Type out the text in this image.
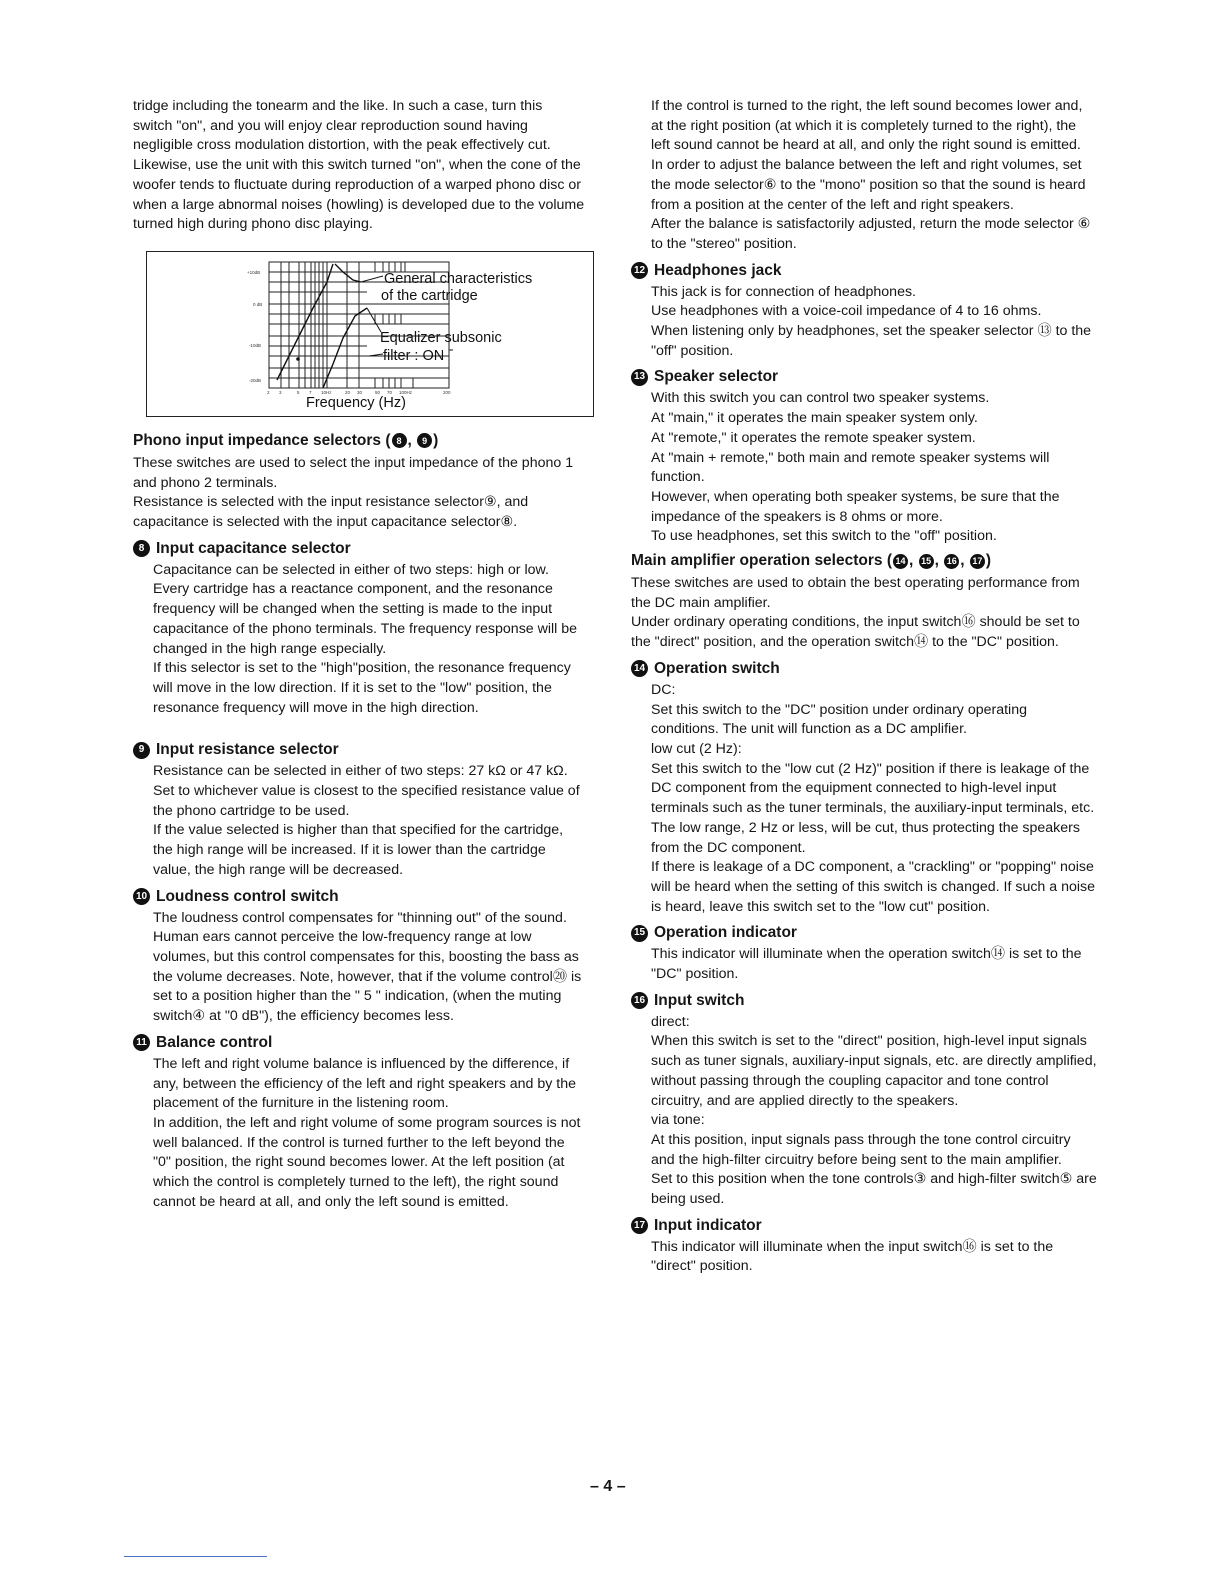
tridge including the tonearm and the like. In such a case, turn this switch "on", and you will enjoy clear reproduction sound having negligible cross modulation distortion, with the peak effectively cut.

Likewise, use the unit with this switch turned "on", when the cone of the woofer tends to fluctuate during reproduction of a warped phono disc or when a large abnormal noises (howling) is developed due to the volume turned high during phono disc playing.

General characteristics
of the cartridge
Equalizer subsonic
filter : ON
Frequency (Hz)
+10dB
0 dB
-10dB
-20dB
2 3	5 7 10Hz	20 30	50 70 100Hz	200
Phono input impedance selectors ( 8 , 9 )

These switches are used to select the input impedance of the phono 1 and phono 2 terminals.

Resistance is selected with the input resistance selector⑨, and capacitance is selected with the input capacitance selector⑧.

8 Input capacitance selector

Capacitance can be selected in either of two steps: high or low.

Every cartridge has a reactance component, and the resonance frequency will be changed when the setting is made to the input capacitance of the phono terminals. The frequency response will be changed in the high range especially.

If this selector is set to the "high"position, the resonance frequency will move in the low direction. If it is set to the "low" position, the resonance frequency will move in the high direction.

9 Input resistance selector

Resistance can be selected in either of two steps: 27 kΩ or 47 kΩ.

Set to whichever value is closest to the specified resistance value of the phono cartridge to be used.

If the value selected is higher than that specified for the cartridge, the high range will be increased. If it is lower than the cartridge value, the high range will be decreased.

10 Loudness control switch

The loudness control compensates for "thinning out" of the sound. Human ears cannot perceive the low-frequency range at low volumes, but this control compensates for this, boosting the bass as the volume decreases. Note, however, that if the volume control⑳ is set to a position higher than the " 5 " indication, (when the muting switch④ at "0 dB"), the efficiency becomes less.

11 Balance control

The left and right volume balance is influenced by the difference, if any, between the efficiency of the left and right speakers and by the placement of the furniture in the listening room.

In addition, the left and right volume of some program sources is not well balanced. If the control is turned further to the left beyond the "0" position, the right sound becomes lower. At the left position (at which the control is completely turned to the left), the right sound cannot be heard at all, and only the left sound is emitted.

If the control is turned to the right, the left sound becomes lower and, at the right position (at which it is completely turned to the right), the left sound cannot be heard at all, and only the right sound is emitted.

In order to adjust the balance between the left and right volumes, set the mode selector⑥ to the "mono" position so that the sound is heard from a position at the center of the left and right speakers.

After the balance is satisfactorily adjusted, return the mode selector ⑥ to the "stereo" position.

12 Headphones jack

This jack is for connection of headphones.

Use headphones with a voice-coil impedance of 4 to 16 ohms.

When listening only by headphones, set the speaker selector ⑬ to the "off" position.

13 Speaker selector

With this switch you can control two speaker systems.

At "main," it operates the main speaker system only.

At "remote," it operates the remote speaker system.

At "main + remote," both main and remote speaker systems will function.

However, when operating both speaker systems, be sure that the impedance of the speakers is 8 ohms or more.

To use headphones, set this switch to the "off" position.

Main amplifier operation selectors ( 14 , 15 , 16 , 17 )

These switches are used to obtain the best operating performance from the DC main amplifier.

Under ordinary operating conditions, the input switch⑯ should be set to the "direct" position, and the operation switch⑭ to the "DC" position.

14 Operation switch

DC:

Set this switch to the "DC" position under ordinary operating conditions. The unit will function as a DC amplifier.

low cut (2 Hz):

Set this switch to the "low cut (2 Hz)" position if there is leakage of the DC component from the equipment connected to high-level input terminals such as the tuner terminals, the auxiliary-input terminals, etc.

The low range, 2 Hz or less, will be cut, thus protecting the speakers from the DC component.

If there is leakage of a DC component, a "crackling" or "popping" noise will be heard when the setting of this switch is changed. If such a noise is heard, leave this switch set to the "low cut" position.

15 Operation indicator

This indicator will illuminate when the operation switch⑭ is set to the "DC" position.

16 Input switch

direct:

When this switch is set to the "direct" position, high-level input signals such as tuner signals, auxiliary-input signals, etc. are directly amplified, without passing through the coupling capacitor and tone control circuitry, and are applied directly to the speakers.

via tone:

At this position, input signals pass through the tone control circuitry and the high-filter circuitry before being sent to the main amplifier.

Set to this position when the tone controls③ and high-filter switch⑤ are being used.

17 Input indicator

This indicator will illuminate when the input switch⑯ is set to the "direct" position.

– 4 –
